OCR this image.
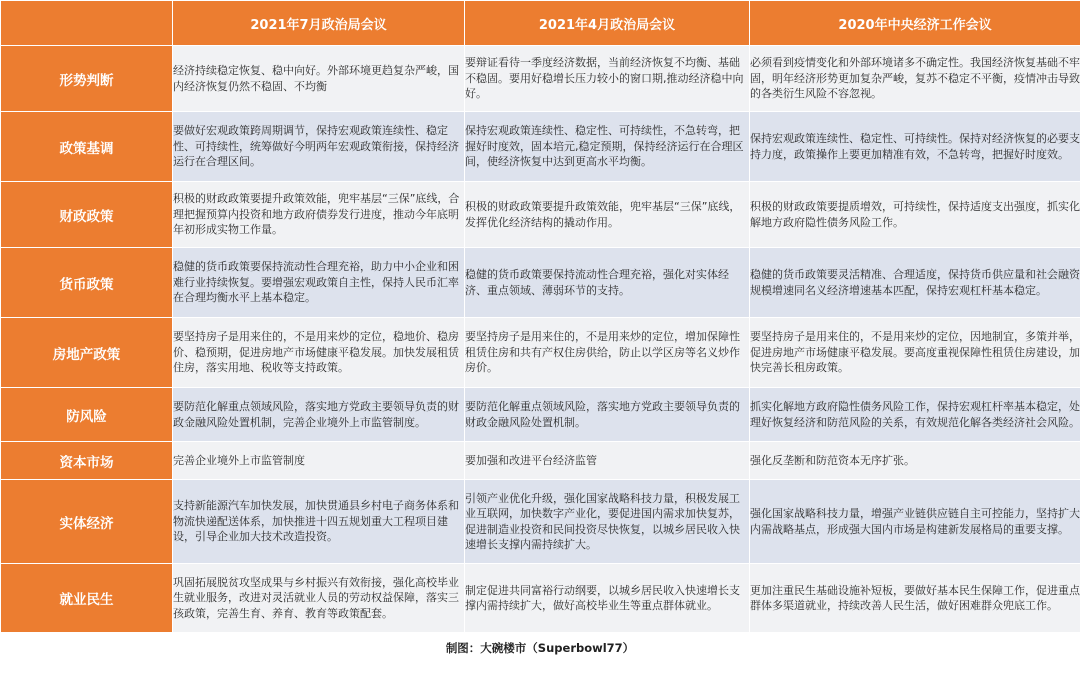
	2021年7月政治局会议	2021年4月政治局会议	2020年中央经济工作会议
形势判断	经济持续稳定恢复、稳中向好。外部环境更趋复杂严峻，国内经济恢复仍然不稳固、不均衡	要辩证看待一季度经济数据，当前经济恢复不均衡、基础不稳固。要用好稳增长压力较小的窗口期,推动经济稳中向好。	必须看到疫情变化和外部环境诸多不确定性。我国经济恢复基础不牢固，明年经济形势更加复杂严峻，复苏不稳定不平衡，疫情冲击导致的各类衍生风险不容忽视。
政策基调	要做好宏观政策跨周期调节，保持宏观政策连续性、稳定性、可持续性，统筹做好今明两年宏观政策衔接，保持经济运行在合理区间。	保持宏观政策连续性、稳定性、可持续性，不急转弯，把握好时度效，固本培元,稳定预期，保持经济运行在合理区间，使经济恢复中达到更高水平均衡。	保持宏观政策连续性、稳定性、可持续性。保持对经济恢复的必要支持力度，政策操作上要更加精准有效，不急转弯，把握好时度效。
财政政策	积极的财政政策要提升政策效能，兜牢基层“三保”底线，合理把握预算内投资和地方政府债券发行进度，推动今年底明年初形成实物工作量。	积极的财政政策要提升政策效能，兜牢基层“三保”底线，发挥优化经济结构的撬动作用。	积极的财政政策要提质增效，可持续性，保持适度支出强度，抓实化解地方政府隐性债务风险工作。
货币政策	稳健的货币政策要保持流动性合理充裕，助力中小企业和困难行业持续恢复。要增强宏观政策自主性，保持人民币汇率在合理均衡水平上基本稳定。	稳健的货币政策要保持流动性合理充裕，强化对实体经济、重点领域、薄弱环节的支持。	稳健的货币政策要灵活精准、合理适度，保持货币供应量和社会融资规模增速同名义经济增速基本匹配，保持宏观杠杆基本稳定。
房地产政策	要坚持房子是用来住的，不是用来炒的定位，稳地价、稳房价、稳预期，促进房地产市场健康平稳发展。加快发展租赁住房，落实用地、税收等支持政策。	要坚持房子是用来住的，不是用来炒的定位，增加保障性租赁住房和共有产权住房供给，防止以学区房等名义炒作房价。	要坚持房子是用来住的，不是用来炒的定位，因地制宜，多策并举，促进房地产市场健康平稳发展。要高度重视保障性租赁住房建设，加快完善长租房政策。
防风险	要防范化解重点领域风险，落实地方党政主要领导负责的财政金融风险处置机制，完善企业境外上市监管制度。	要防范化解重点领域风险，落实地方党政主要领导负责的财政金融风险处置机制。	抓实化解地方政府隐性债务风险工作，保持宏观杠杆率基本稳定，处理好恢复经济和防范风险的关系，有效规范化解各类经济社会风险。
资本市场	完善企业境外上市监管制度	要加强和改进平台经济监管	强化反垄断和防范资本无序扩张。
实体经济	支持新能源汽车加快发展，加快贯通县乡村电子商务体系和物流快递配送体系，加快推进十四五规划重大工程项目建设，引导企业加大技术改造投资。	引领产业优化升级，强化国家战略科技力量，积极发展工业互联网，加快数字产业化，要促进国内需求加快复苏，促进制造业投资和民间投资尽快恢复，以城乡居民收入快速增长支撑内需持续扩大。	强化国家战略科技力量，增强产业链供应链自主可控能力，坚持扩大内需战略基点，形成强大国内市场是构建新发展格局的重要支撑。
就业民生	巩固拓展脱贫攻坚成果与乡村振兴有效衔接，强化高校毕业生就业服务，改进对灵活就业人员的劳动权益保障，落实三孩政策，完善生育、养育、教育等政策配套。	制定促进共同富裕行动纲要，以城乡居民收入快速增长支撑内需持续扩大，做好高校毕业生等重点群体就业。	更加注重民生基础设施补短板，要做好基本民生保障工作，促进重点群体多渠道就业，持续改善人民生活，做好困难群众兜底工作。
制图：大碗楼市（Superbowl77）
